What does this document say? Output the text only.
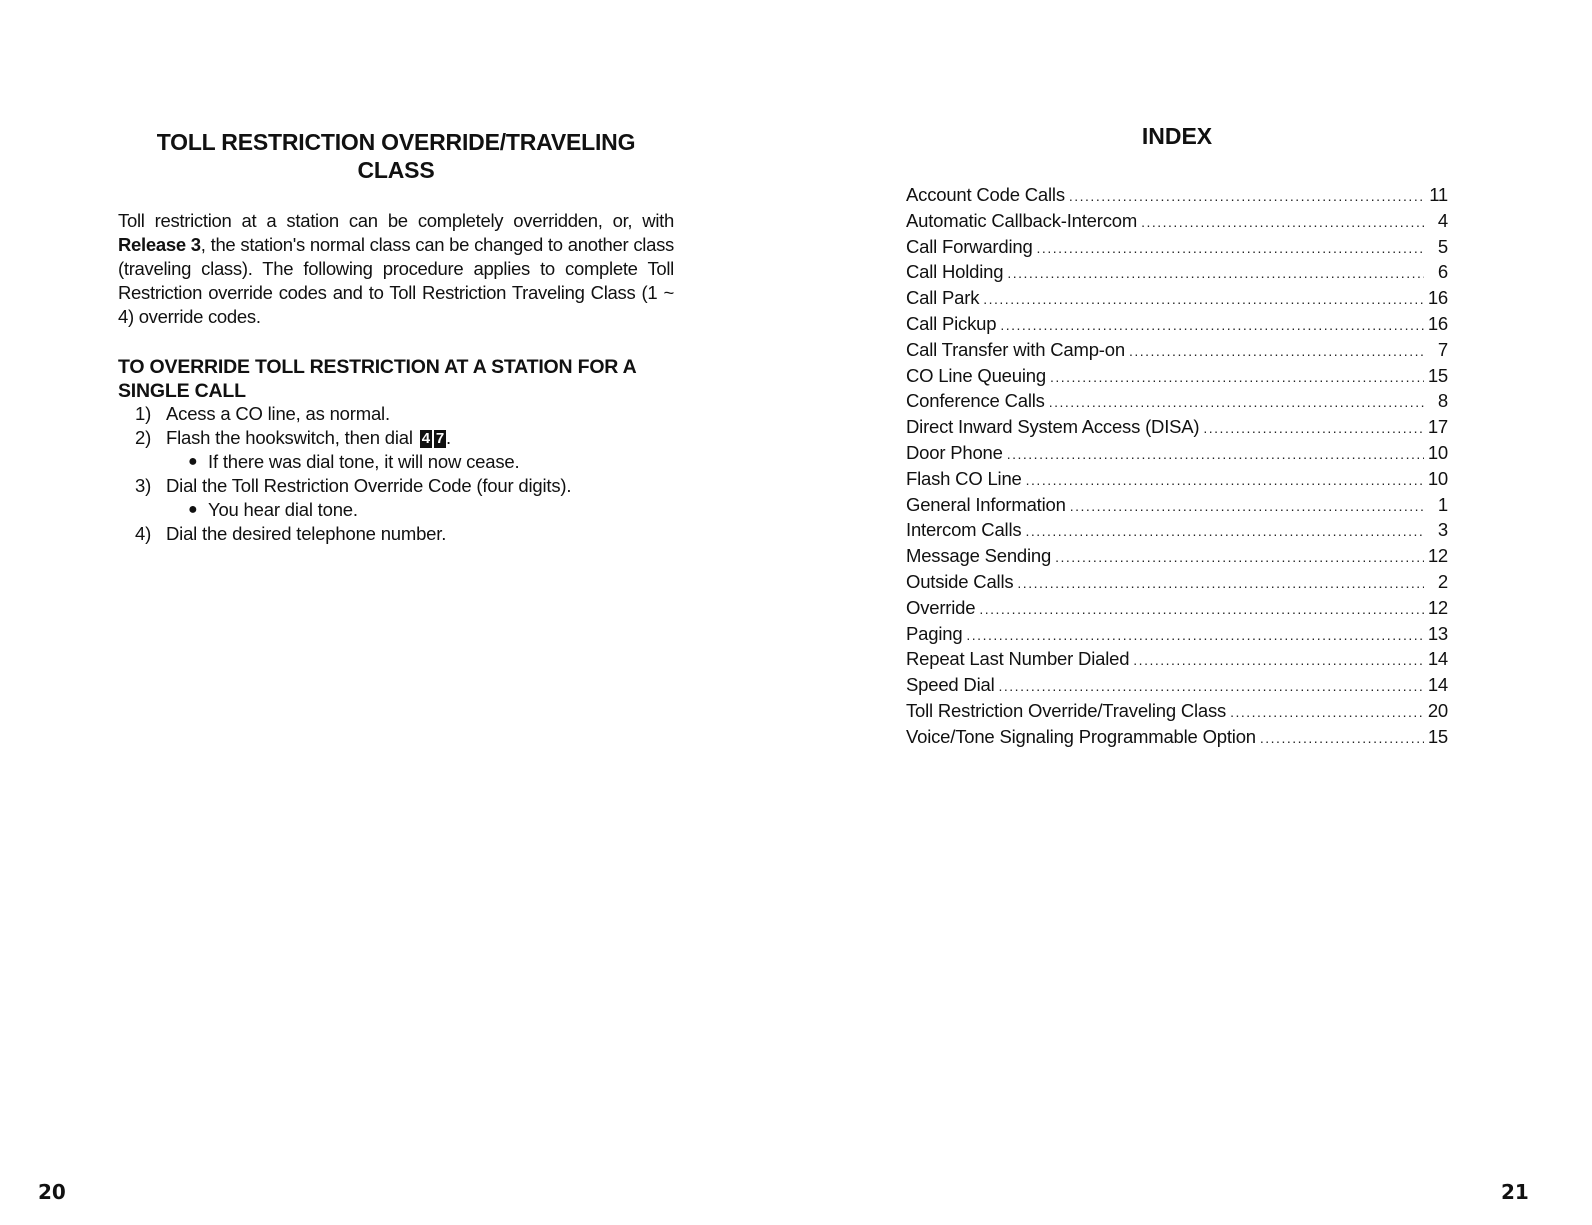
TOLL RESTRICTION OVERRIDE/TRAVELING
CLASS
Toll restriction at a station can be completely overridden, or, with Release 3, the station's normal class can be changed to another class (traveling class). The following procedure applies to complete Toll Restriction override codes and to Toll Restriction Traveling Class (1 ~ 4) override codes.
TO OVERRIDE TOLL RESTRICTION AT A STATION FOR A SINGLE CALL
1) Acess a CO line, as normal.
2) Flash the hookswitch, then dial 4 7 .
● If there was dial tone, it will now cease.
3) Dial the Toll Restriction Override Code (four digits).
● You hear dial tone.
4) Dial the desired telephone number.
20
INDEX
Account Code Calls .....	11
Automatic Callback-Intercom .....	4
Call Forwarding .....	5
Call Holding .....	6
Call Park .....	16
Call Pickup .....	16
Call Transfer with Camp-on .....	7
CO Line Queuing .....	15
Conference Calls .....	8
Direct Inward System Access (DISA) .....	17
Door Phone .....	10
Flash CO Line .....	10
General Information .....	1
Intercom Calls .....	3
Message Sending .....	12
Outside Calls .....	2
Override .....	12
Paging .....	13
Repeat Last Number Dialed .....	14
Speed Dial .....	14
Toll Restriction Override/Traveling Class .....	20
Voice/Tone Signaling Programmable Option .....	15
21
